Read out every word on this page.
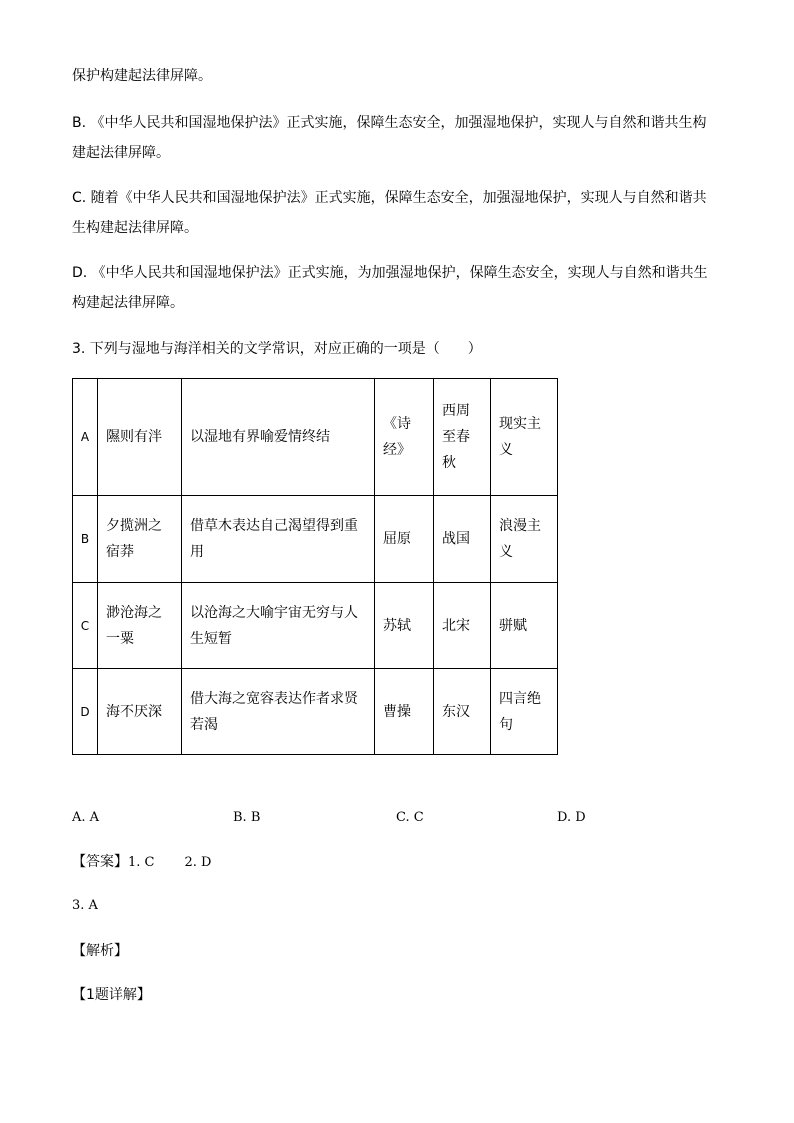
保护构建起法律屏障。
B. 《中华人民共和国湿地保护法》正式实施，保障生态安全，加强湿地保护，实现人与自然和谐共生构
建起法律屏障。
C. 随着《中华人民共和国湿地保护法》正式实施，保障生态安全，加强湿地保护，实现人与自然和谐共
生构建起法律屏障。
D. 《中华人民共和国湿地保护法》正式实施，为加强湿地保护，保障生态安全，实现人与自然和谐共生
构建起法律屏障。
3. 下列与湿地与海洋相关的文学常识，对应正确的一项是（　　）
A	隰则有泮	以湿地有界喻爱情终结	《诗经》	西周至春秋	现实主义
B	夕揽洲之宿莽	借草木表达自己渴望得到重用	屈原	战国	浪漫主义
C	渺沧海之一粟	以沧海之大喻宇宙无穷与人生短暂	苏轼	北宋	骈赋
D	海不厌深	借大海之宽容表达作者求贤若渴	曹操	东汉	四言绝句
A. A	B. B	C. C	D. D
【答案】1. C 2. D
3. A
【解析】
【1题详解】
